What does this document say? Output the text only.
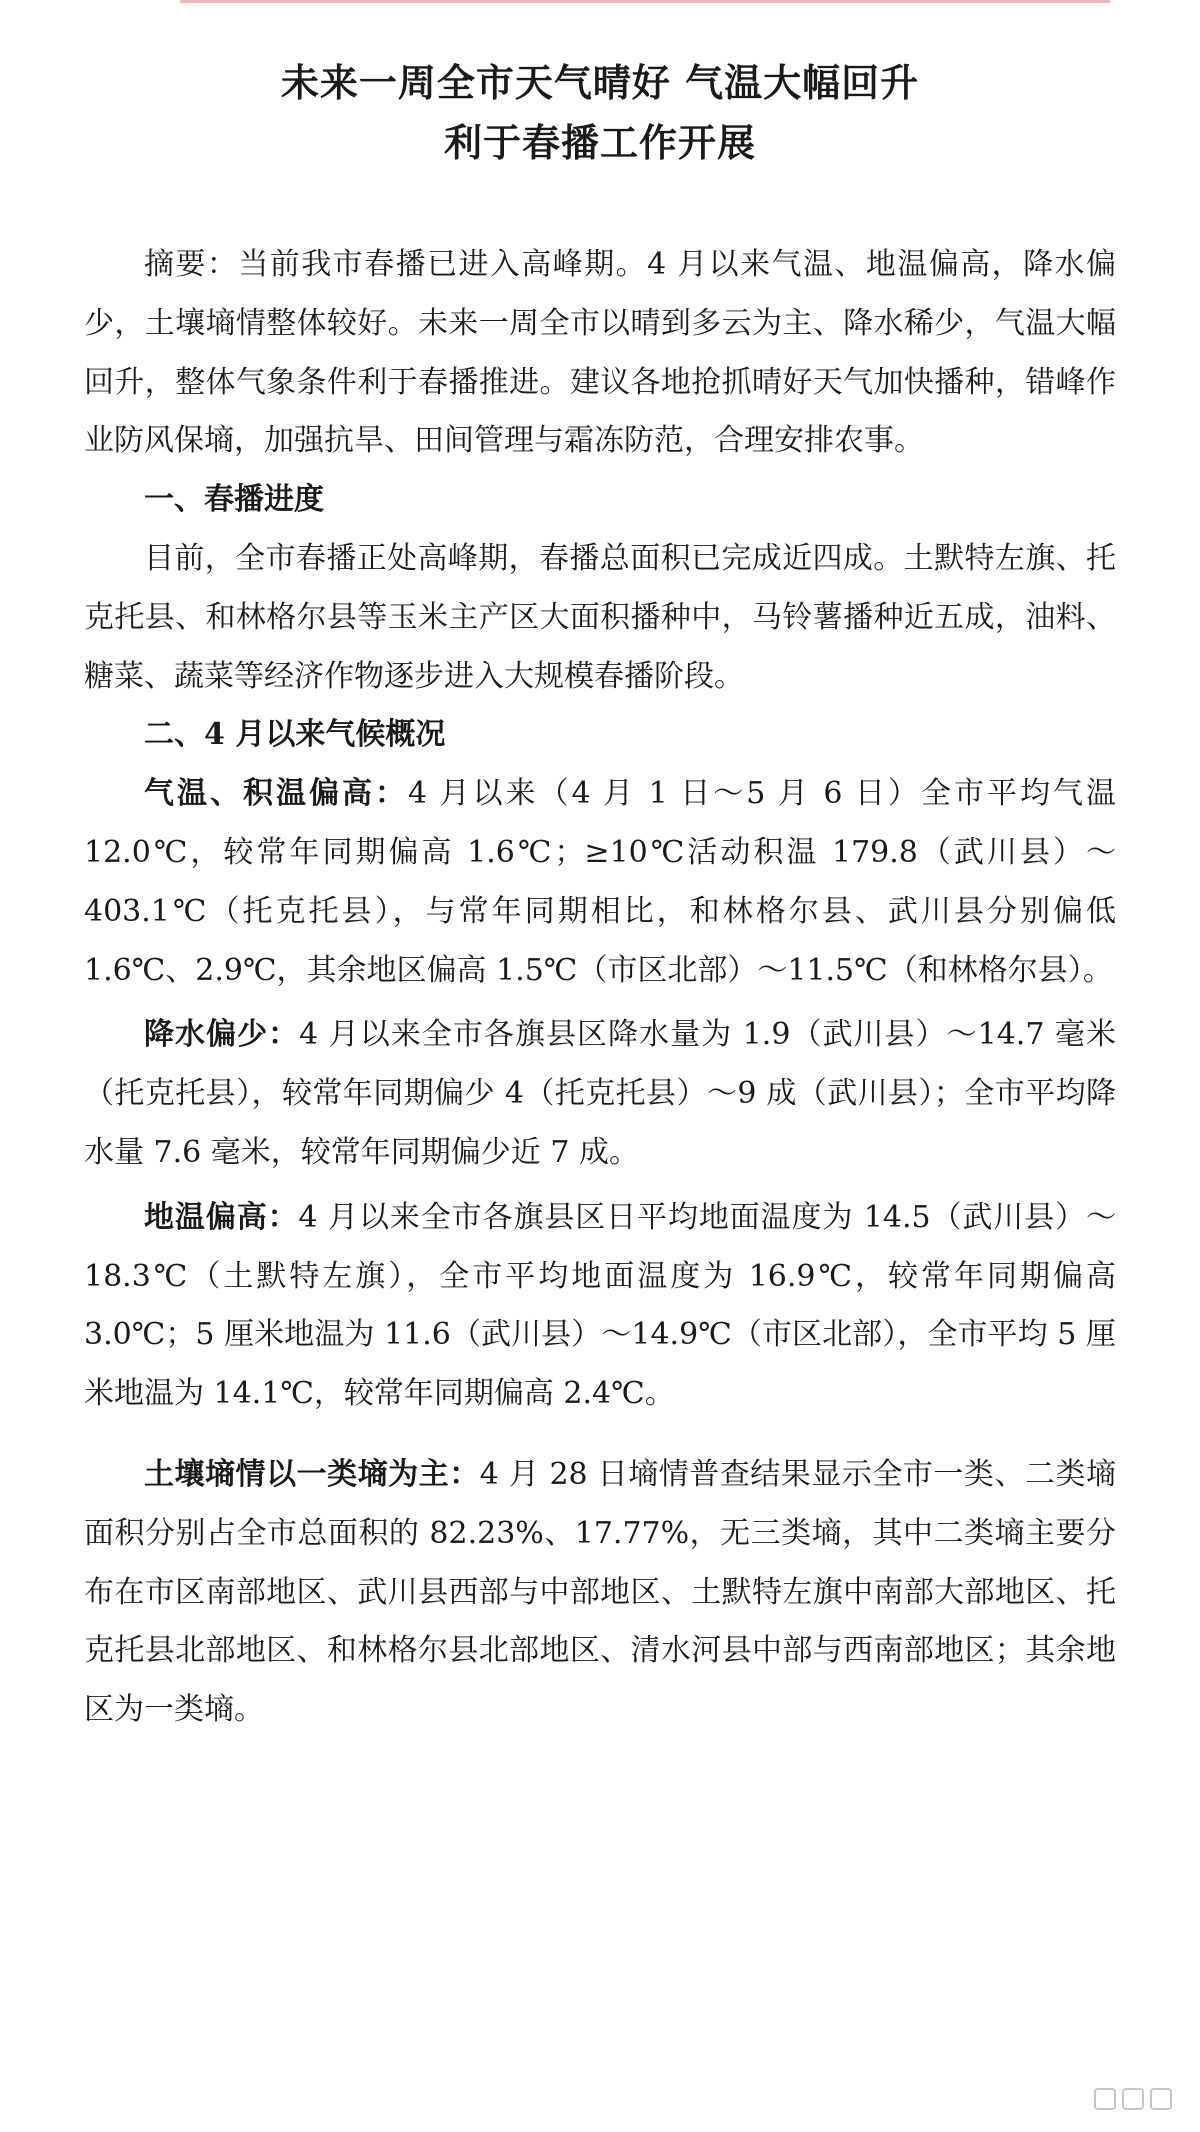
未来一周全市天气晴好 气温大幅回升
利于春播工作开展

摘要：当前我市春播已进入高峰期。4 月以来气温、地温偏高，降水偏少，土壤墒情整体较好。未来一周全市以晴到多云为主、降水稀少，气温大幅回升，整体气象条件利于春播推进。建议各地抢抓晴好天气加快播种，错峰作业防风保墒，加强抗旱、田间管理与霜冻防范，合理安排农事。

一、春播进度

目前，全市春播正处高峰期，春播总面积已完成近四成。土默特左旗、托克托县、和林格尔县等玉米主产区大面积播种中，马铃薯播种近五成，油料、糖菜、蔬菜等经济作物逐步进入大规模春播阶段。

二、4 月以来气候概况

气温、积温偏高：4 月以来（4 月 1 日～5 月 6 日）全市平均气温 12.0℃，较常年同期偏高 1.6℃；≥10℃活动积温 179.8（武川县）～403.1℃（托克托县），与常年同期相比，和林格尔县、武川县分别偏低 1.6℃、2.9℃，其余地区偏高 1.5℃（市区北部）～11.5℃（和林格尔县）。

降水偏少：4 月以来全市各旗县区降水量为 1.9（武川县）～14.7 毫米（托克托县），较常年同期偏少 4（托克托县）～9 成（武川县）；全市平均降水量 7.6 毫米，较常年同期偏少近 7 成。

地温偏高：4 月以来全市各旗县区日平均地面温度为 14.5（武川县）～18.3℃（土默特左旗），全市平均地面温度为 16.9℃，较常年同期偏高 3.0℃；5 厘米地温为 11.6（武川县）～14.9℃（市区北部），全市平均 5 厘米地温为 14.1℃，较常年同期偏高 2.4℃。

土壤墒情以一类墒为主：4 月 28 日墒情普查结果显示全市一类、二类墒面积分别占全市总面积的 82.23%、17.77%，无三类墒，其中二类墒主要分布在市区南部地区、武川县西部与中部地区、土默特左旗中南部大部地区、托克托县北部地区、和林格尔县北部地区、清水河县中部与西南部地区；其余地区为一类墒。
